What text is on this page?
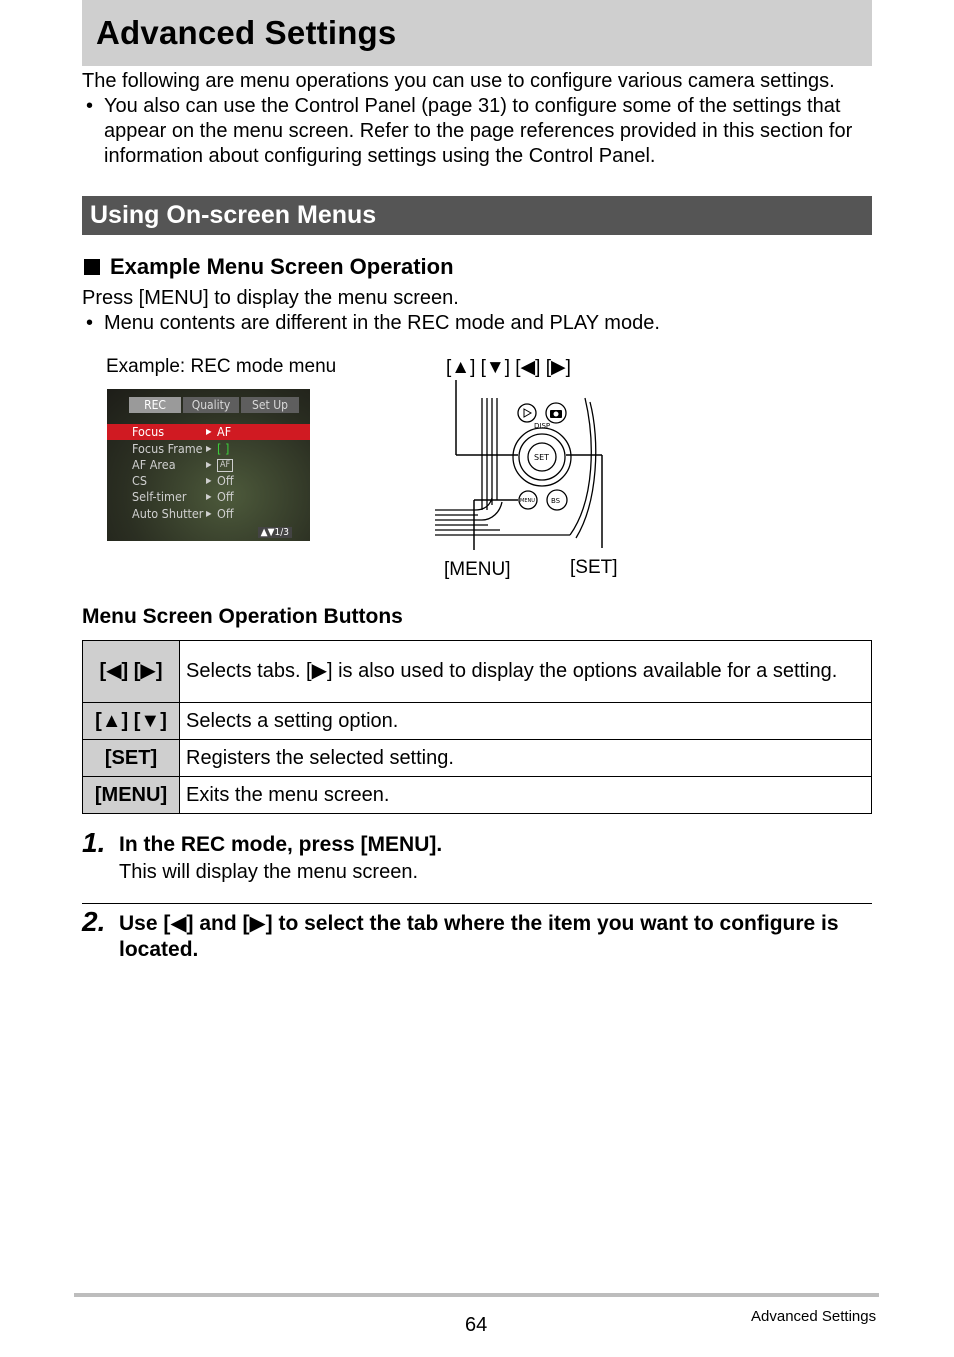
Advanced Settings
The following are menu operations you can use to configure various camera settings.
• You also can use the Control Panel (page 31) to configure some of the settings that appear on the menu screen. Refer to the page references provided in this section for information about configuring settings using the Control Panel.
Using On-screen Menus
Example Menu Screen Operation
Press [MENU] to display the menu screen.
• Menu contents are different in the REC mode and PLAY mode.
Example: REC mode menu
REC	Quality	Set Up
Focus	▶ AF
Focus Frame ▶ [ ]
AF Area	▶ AF
CS	▶ Off
Self-timer ▶ Off
Auto Shutter ▶ Off
▲▼1/3
[▲] [▼] [◀] [▶]
DISP
SET
MENU BS
[MENU]	[SET]
Menu Screen Operation Buttons
[◀] [▶]	Selects tabs. [▶] is also used to display the options available for a setting.
[▲] [▼]	Selects a setting option.
[SET]	Registers the selected setting.
[MENU]	Exits the menu screen.
1. In the REC mode, press [MENU].
This will display the menu screen.
2. Use [◀] and [▶] to select the tab where the item you want to configure is located.
64	Advanced Settings
